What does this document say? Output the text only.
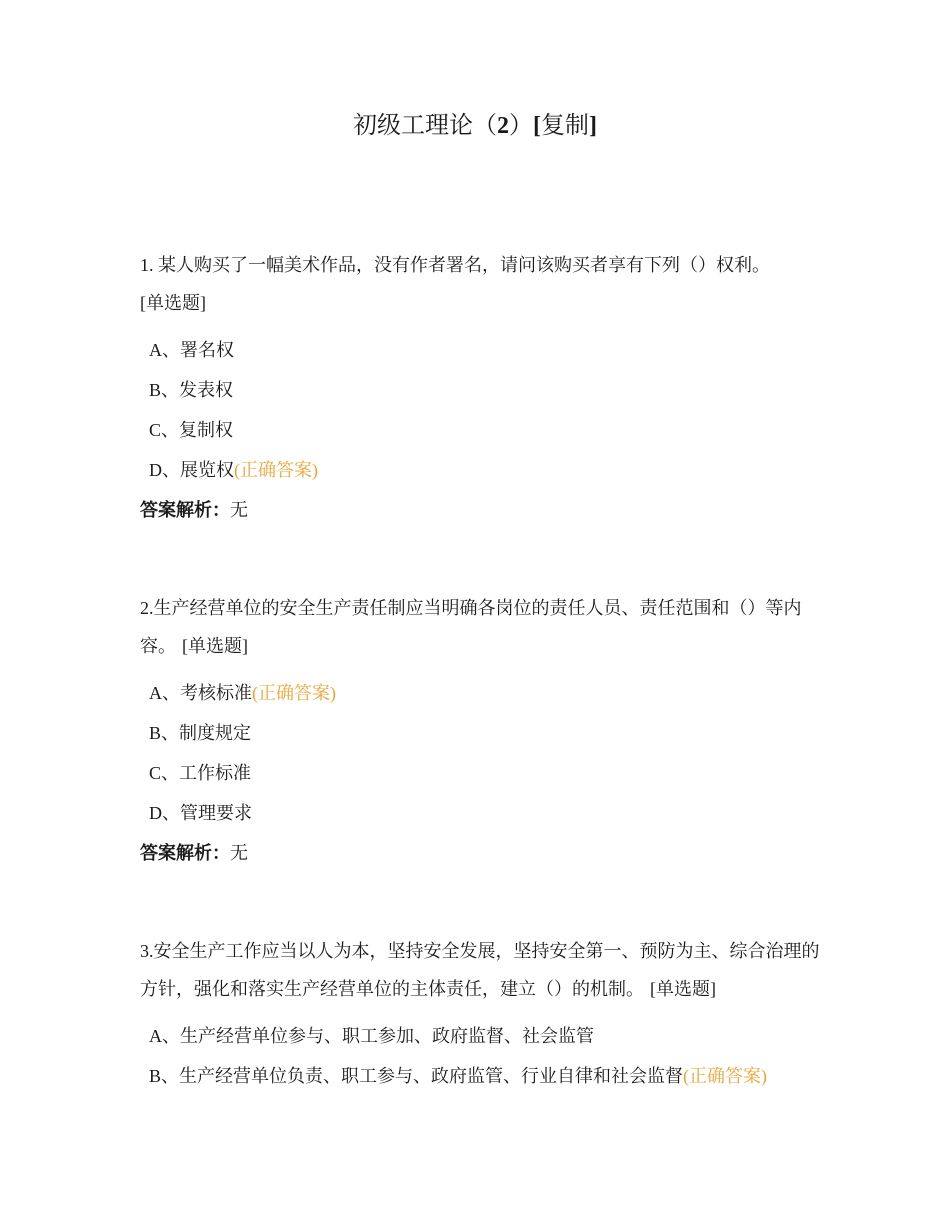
初级工理论（2）[复制]

1. 某人购买了一幅美术作品，没有作者署名，请问该购买者享有下列（）权利。
[单选题]

A、署名权
B、发表权
C、复制权
D、展览权(正确答案)
答案解析：无

2.生产经营单位的安全生产责任制应当明确各岗位的责任人员、责任范围和（）等内容。 [单选题]

A、考核标准(正确答案)
B、制度规定
C、工作标准
D、管理要求
答案解析：无

3.安全生产工作应当以人为本，坚持安全发展，坚持安全第一、预防为主、综合治理的方针，强化和落实生产经营单位的主体责任，建立（）的机制。 [单选题]

A、生产经营单位参与、职工参加、政府监督、社会监管
B、生产经营单位负责、职工参与、政府监管、行业自律和社会监督(正确答案)
